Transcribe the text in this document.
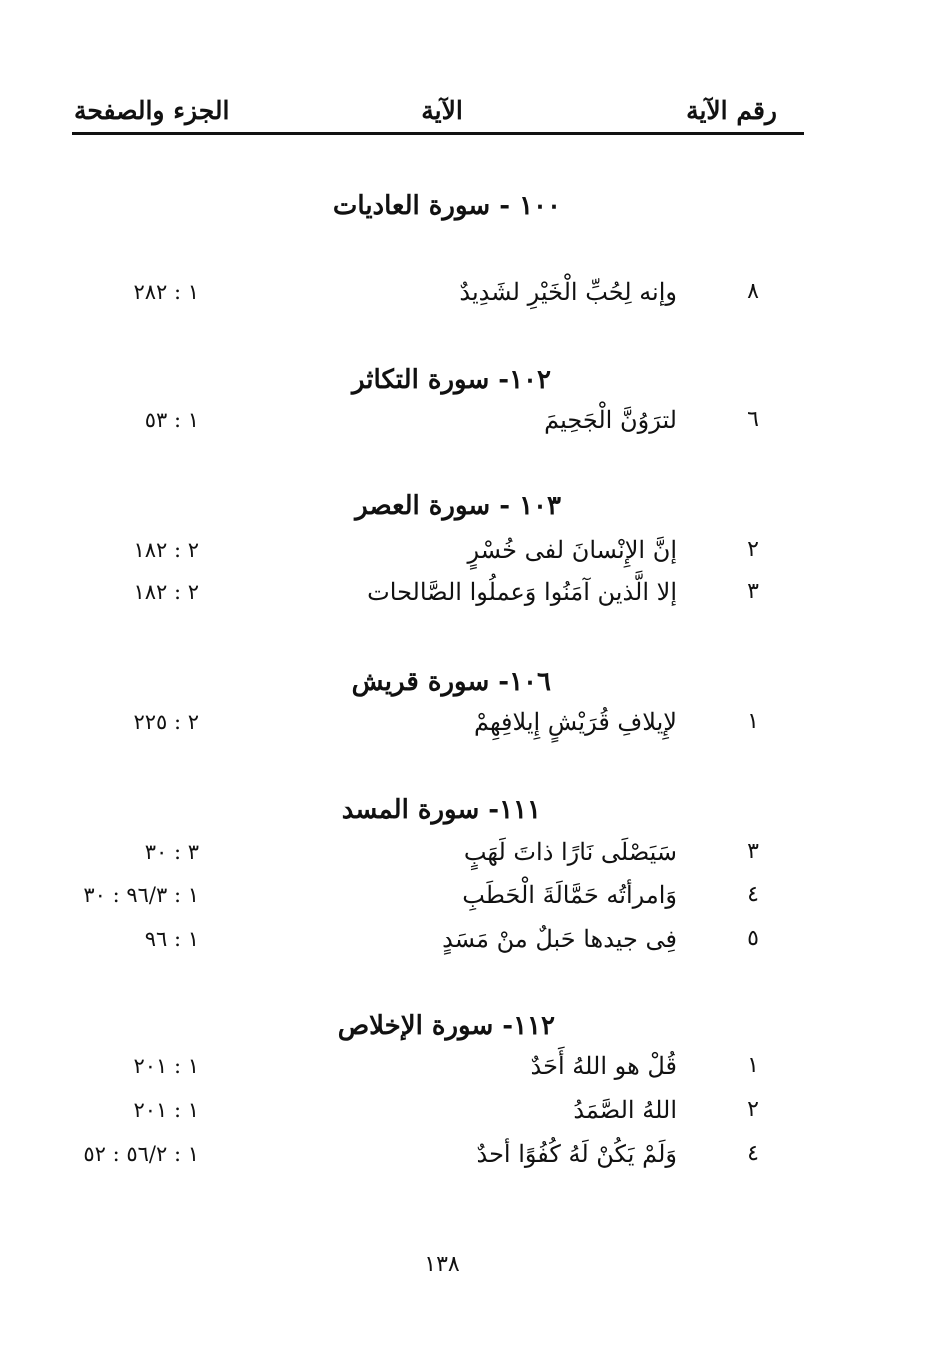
رقم الآية
الآية
الجزء والصفحة
١٠٠ - سورة العاديات
٨
وإنه لِحُبِّ الْخَيْرِ لشَدِيدٌ
١ : ٢٨٢
١٠٢- سورة التكاثر
٦
لترَوُنَّ الْجَحِيمَ
١ : ٥٣
١٠٣ - سورة العصر
٢
إنَّ الإِنْسانَ لفى خُسْرٍ
٢ : ١٨٢
٣
إلا الَّذين آمَنُوا وَعملُوا الصَّالحات
٢ : ١٨٢
١٠٦- سورة قريش
١
لإِيلافِ قُرَيْشٍ إِيلافِهِمْ
٢ : ٢٢٥
١١١- سورة المسد
٣
سَيَصْلَى نَارًا ذاتَ لَهَبٍ
٣ : ٣٠
٤
وَامرأتُه حَمَّالَةَ الْحَطَبِ
١ : ٩٦/٣ : ٣٠
٥
فِى جيدها حَبلٌ منْ مَسَدٍ
١ : ٩٦
١١٢- سورة الإخلاص
١
قُلْ هو اللهُ أَحَدٌ
١ : ٢٠١
٢
اللهُ الصَّمَدُ
١ : ٢٠١
٤
وَلَمْ يَكُنْ لَهُ كُفُوًا أحدٌ
١ : ٥٦/٢ : ٥٢
١٣٨
